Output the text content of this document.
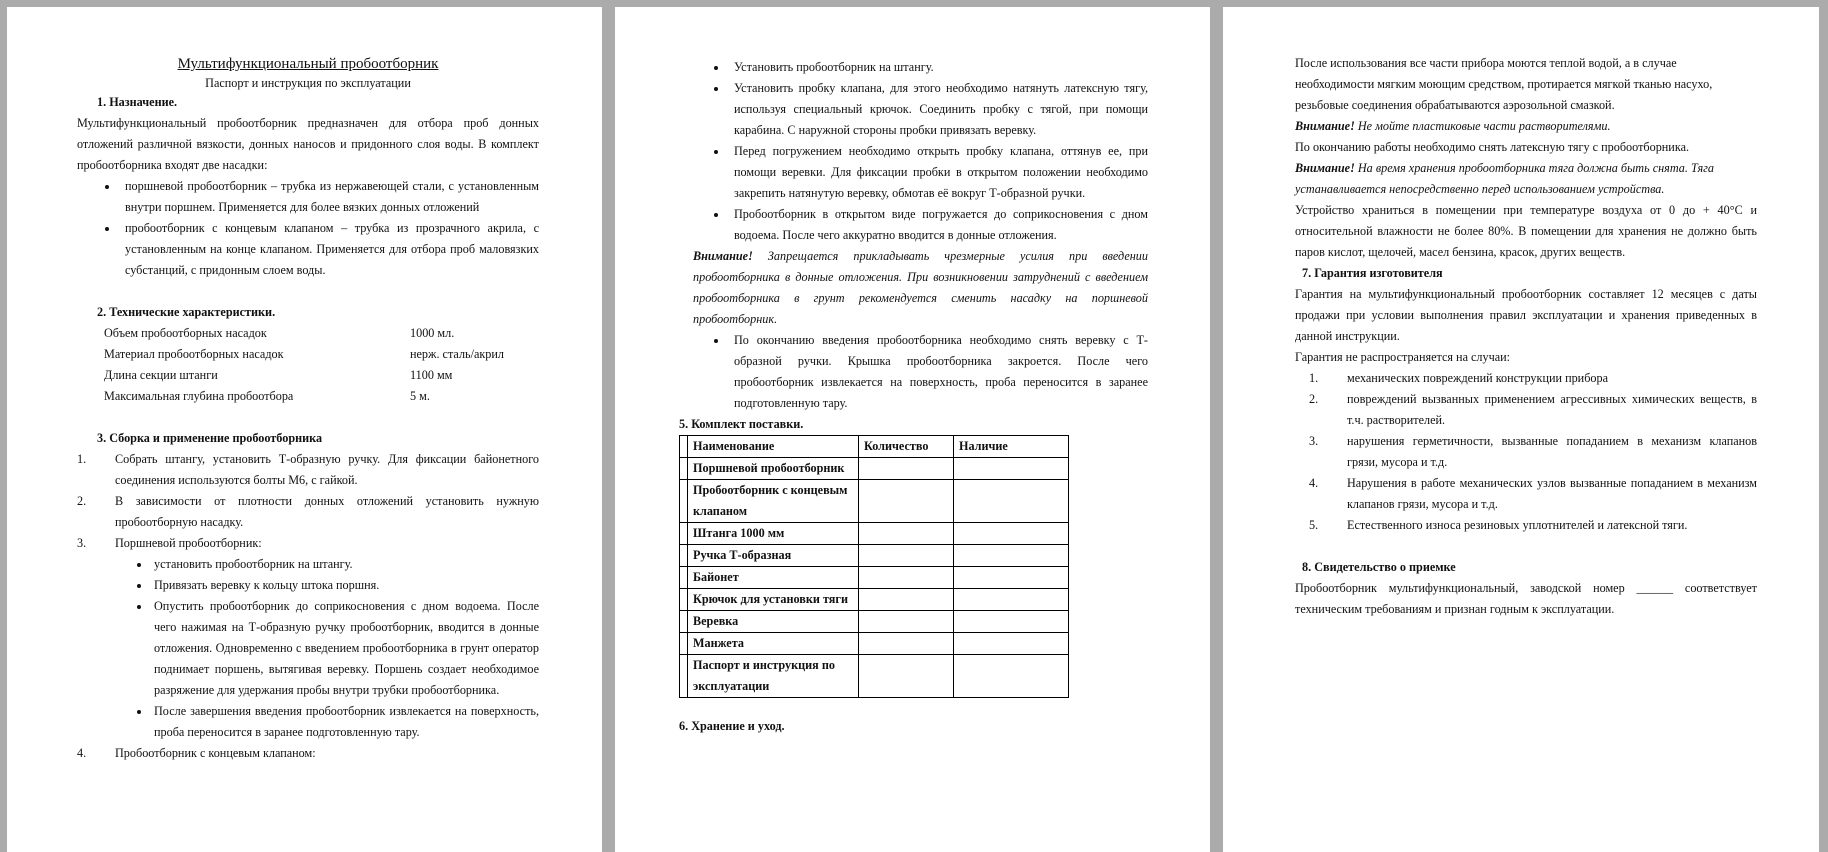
Мультифункциональный пробоотборник
Паспорт и инструкция по эксплуатации
1. Назначение.
Мультифункциональный пробоотборник предназначен для отбора проб донных отложений различной вязкости, донных наносов и придонного слоя воды. В комплект пробоотборника входят две насадки:
• поршневой пробоотборник – трубка из нержавеющей стали, с установленным внутри поршнем. Применяется для более вязких донных отложений
• пробоотборник с концевым клапаном – трубка из прозрачного акрила, с установленным на конце клапаном. Применяется для отбора проб маловязких субстанций, с придонным слоем воды.
2. Технические характеристики.
Объем пробоотборных насадок	1000 мл.
Материал пробоотборных насадок	нерж. сталь/акрил
Длина секции штанги	1100 мм
Максимальная глубина пробоотбора	5 м.
3. Сборка и применение пробоотборника
1.	Собрать штангу, установить Т-образную ручку. Для фиксации байонетного соединения используются болты М6, с гайкой.
2.	В зависимости от плотности донных отложений установить нужную пробоотборную насадку.
3.	Поршневой пробоотборник:
• установить пробоотборник на штангу.
• Привязать веревку к кольцу штока поршня.
• Опустить пробоотборник до соприкосновения с дном водоема. После чего нажимая на Т-образную ручку пробоотборник, вводится в донные отложения. Одновременно с введением пробоотборника в грунт оператор поднимает поршень, вытягивая веревку. Поршень создает необходимое разряжение для удержания пробы внутри трубки пробоотборника.
• После завершения введения пробоотборник извлекается на поверхность, проба переносится в заранее подготовленную тару.
4.	Пробоотборник с концевым клапаном:
• Установить пробоотборник на штангу.
• Установить пробку клапана, для этого необходимо натянуть латексную тягу, используя специальный крючок. Соединить пробку с тягой, при помощи карабина. С наружной стороны пробки привязать веревку.
• Перед погружением необходимо открыть пробку клапана, оттянув ее, при помощи веревки. Для фиксации пробки в открытом положении необходимо закрепить натянутую веревку, обмотав её вокруг Т-образной ручки.
• Пробоотборник в открытом виде погружается до соприкосновения с дном водоема. После чего аккуратно вводится в донные отложения.
Внимание! Запрещается прикладывать чрезмерные усилия при введении пробоотборника в донные отложения. При возникновении затруднений с введением пробоотборника в грунт рекомендуется сменить насадку на поршневой пробоотборник.
• По окончанию введения пробоотборника необходимо снять веревку с Т-образной ручки. Крышка пробоотборника закроется. После чего пробоотборник извлекается на поверхность, проба переносится в заранее подготовленную тару.
5. Комплект поставки.
	Наименование	Количество	Наличие
	Поршневой пробоотборник		
	Пробоотборник с концевым клапаном		
	Штанга 1000 мм		
	Ручка Т-образная		
	Байонет		
	Крючок для установки тяги		
	Веревка		
	Манжета		
	Паспорт и инструкция по эксплуатации		
6. Хранение и уход.
После использования все части прибора моются теплой водой, а в случае необходимости мягким моющим средством, протирается мягкой тканью насухо, резьбовые соединения обрабатываются аэрозольной смазкой.
Внимание! Не мойте пластиковые части растворителями.
По окончанию работы необходимо снять латексную тягу с пробоотборника.
Внимание! На время хранения пробоотборника тяга должна быть снята. Тяга устанавливается непосредственно перед использованием устройства.
Устройство храниться в помещении при температуре воздуха от 0 до + 40°С и относительной влажности не более 80%. В помещении для хранения не должно быть паров кислот, щелочей, масел бензина, красок, других веществ.
7. Гарантия изготовителя
Гарантия на мультифункциональный пробоотборник составляет 12 месяцев с даты продажи при условии выполнения правил эксплуатации и хранения приведенных в данной инструкции.
Гарантия не распространяется на случаи:
1.	механических повреждений конструкции прибора
2.	повреждений вызванных применением агрессивных химических веществ, в т.ч. растворителей.
3.	нарушения герметичности, вызванные попаданием в механизм клапанов грязи, мусора и т.д.
4.	Нарушения в работе механических узлов вызванные попаданием в механизм клапанов грязи, мусора и т.д.
5.	Естественного износа резиновых уплотнителей и латексной тяги.
8. Свидетельство о приемке
Пробоотборник мультифункциональный, заводской номер ______ соответствует техническим требованиям и признан годным к эксплуатации.
